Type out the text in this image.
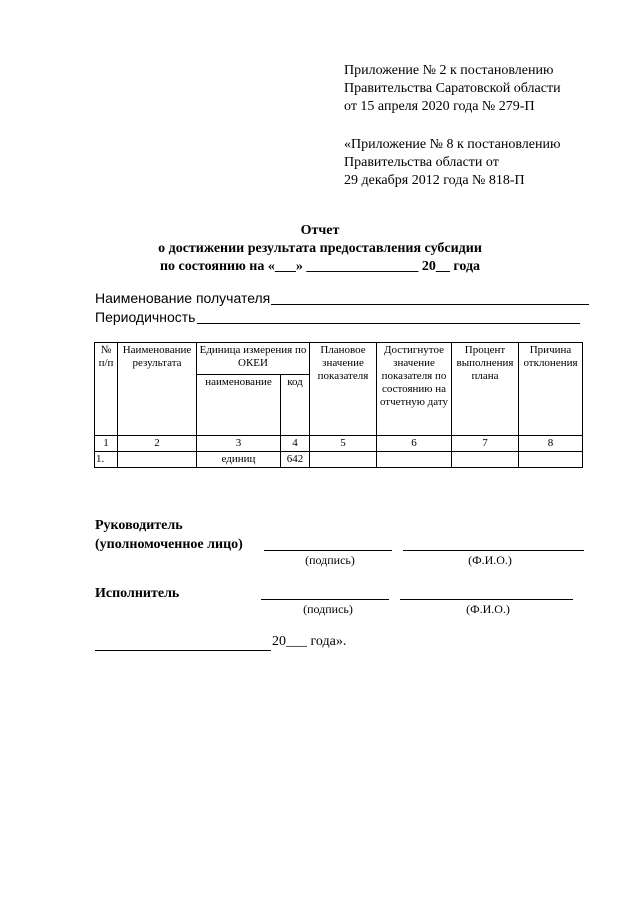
Приложение № 2 к постановлению

Правительства Саратовской области

от 15 апреля 2020 года № 279-П

«Приложение № 8 к постановлению

Правительства области от

29 декабря 2012 года № 818-П

Отчет
о достижении результата предоставления субсидии
по состоянию на «___» ________________ 20__ года
Наименование получателя
Периодичность
№ п/п	Наименование результата	Единица измерения по ОКЕИ		Плановое значение показателя	Достигнутое значение показателя по состоянию на отчетную дату	Процент выполнения плана	Причина отклонения
		наименование	код				
1	2	3	4	5	6	7	8
1.		единиц	642				
Руководитель
(уполномоченное лицо)
(подпись)	(Ф.И.О.)
Исполнитель
(подпись)	(Ф.И.О.)
20___ года».
